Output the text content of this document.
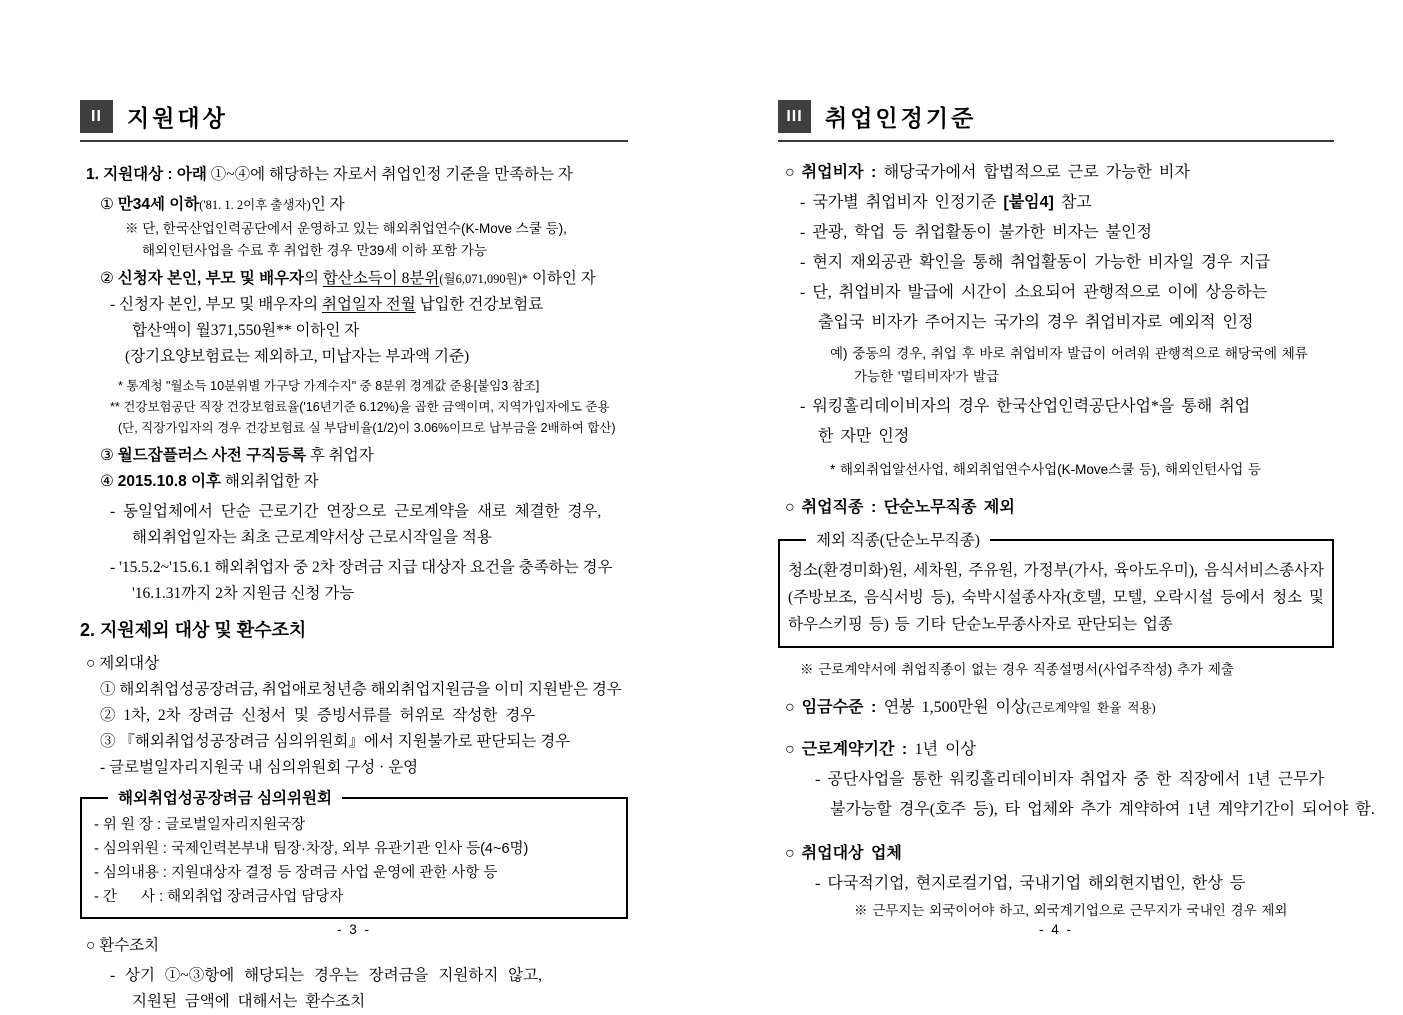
II 지원대상
1. 지원대상 : 아래 ①~④에 해당하는 자로서 취업인정 기준을 만족하는 자
① 만34세 이하('81. 1. 2이후 출생자)인 자
※ 단, 한국산업인력공단에서 운영하고 있는 해외취업연수(K-Move 스쿨 등),
해외인턴사업을 수료 후 취업한 경우 만39세 이하 포함 가능
② 신청자 본인, 부모 및 배우자의 합산소득이 8분위(월6,071,090원)* 이하인 자
- 신청자 본인, 부모 및 배우자의 취업일자 전월 납입한 건강보험료
합산액이 월371,550원** 이하인 자
(장기요양보험료는 제외하고, 미납자는 부과액 기준)
* 통계청 "월소득 10분위별 가구당 가계수지" 중 8분위 경계값 준용[붙임3 참조]
** 건강보험공단 직장 건강보험료율('16년기준 6.12%)을 곱한 금액이며, 지역가입자에도 준용
(단, 직장가입자의 경우 건강보험료 실 부담비율(1/2)이 3.06%이므로 납부금을 2배하여 합산)
③ 월드잡플러스 사전 구직등록 후 취업자
④ 2015.10.8 이후 해외취업한 자
- 동일업체에서 단순 근로기간 연장으로 근로계약을 새로 체결한 경우,
해외취업일자는 최초 근로계약서상 근로시작일을 적용
- '15.5.2~'15.6.1 해외취업자 중 2차 장려금 지급 대상자 요건을 충족하는 경우
'16.1.31까지 2차 지원금 신청 가능
2. 지원제외 대상 및 환수조치
○ 제외대상
① 해외취업성공장려금, 취업애로청년층 해외취업지원금을 이미 지원받은 경우
② 1차, 2차 장려금 신청서 및 증빙서류를 허위로 작성한 경우
③ 『해외취업성공장려금 심의위원회』에서 지원불가로 판단되는 경우
- 글로벌일자리지원국 내 심의위원회 구성 · 운영
해외취업성공장려금 심의위원회
- 위 원 장 : 글로벌일자리지원국장
- 심의위원 : 국제인력본부내 팀장·차장, 외부 유관기관 인사 등(4~6명)
- 심의내용 : 지원대상자 결정 등 장려금 사업 운영에 관한 사항 등
- 간      사 : 해외취업 장려금사업 담당자
○ 환수조치
- 상기 ①~③항에 해당되는 경우는 장려금을 지원하지 않고,
지원된 금액에 대해서는 환수조치
- 3 -
III 취업인정기준
○ 취업비자 : 해당국가에서 합법적으로 근로 가능한 비자
- 국가별 취업비자 인정기준 [붙임4] 참고
- 관광, 학업 등 취업활동이 불가한 비자는 불인정
- 현지 재외공관 확인을 통해 취업활동이 가능한 비자일 경우 지급
- 단, 취업비자 발급에 시간이 소요되어 관행적으로 이에 상응하는
출입국 비자가 주어지는 국가의 경우 취업비자로 예외적 인정
예) 중동의 경우, 취업 후 바로 취업비자 발급이 어려워 관행적으로 해당국에 체류
가능한 '멀티비자'가 발급
- 워킹홀리데이비자의 경우 한국산업인력공단사업*을 통해 취업
한 자만 인정
* 해외취업알선사업, 해외취업연수사업(K-Move스쿨 등), 해외인턴사업 등
○ 취업직종 : 단순노무직종 제외
제외 직종(단순노무직종)
청소(환경미화)원, 세차원, 주유원, 가정부(가사, 육아도우미), 음식서비스종사자(주방보조, 음식서빙 등), 숙박시설종사자(호텔, 모텔, 오락시설 등에서 청소 및 하우스키핑 등) 등 기타 단순노무종사자로 판단되는 업종
※ 근로계약서에 취업직종이 없는 경우 직종설명서(사업주작성) 추가 제출
○ 임금수준 : 연봉 1,500만원 이상(근로계약일 환율 적용)
○ 근로계약기간 : 1년 이상
- 공단사업을 통한 워킹홀리데이비자 취업자 중 한 직장에서 1년 근무가
불가능할 경우(호주 등), 타 업체와 추가 계약하여 1년 계약기간이 되어야 함.
○ 취업대상 업체
- 다국적기업, 현지로컬기업, 국내기업 해외현지법인, 한상 등
※ 근무지는 외국이어야 하고, 외국계기업으로 근무지가 국내인 경우 제외
- 4 -
